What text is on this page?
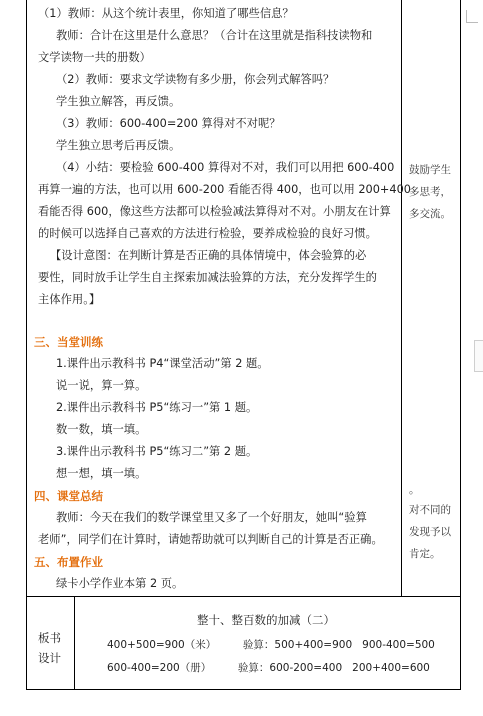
（1）教师：从这个统计表里，你知道了哪些信息？
教师：合计在这里是什么意思？（合计在这里就是指科技读物和
文学读物一共的册数）
（2）教师：要求文学读物有多少册，你会列式解答吗？
学生独立解答，再反馈。
（3）教师：600-400=200 算得对不对呢？
学生独立思考后再反馈。
（4）小结：要检验 600-400 算得对不对，我们可以用把 600-400
再算一遍的方法，也可以用 600-200 看能否得 400，也可以用 200+400
看能否得 600，像这些方法都可以检验减法算得对不对。小朋友在计算
的时候可以选择自己喜欢的方法进行检验，要养成检验的良好习惯。
【设计意图：在判断计算是否正确的具体情境中，体会验算的必
要性，同时放手让学生自主探索加减法验算的方法，充分发挥学生的
主体作用。】
三、当堂训练
1.课件出示教科书 P4“课堂活动”第 2 题。
说一说，算一算。
2.课件出示教科书 P5“练习一”第 1 题。
数一数，填一填。
3.课件出示教科书 P5“练习二”第 2 题。
想一想，填一填。
四、课堂总结
教师：今天在我们的数学课堂里又多了一个好朋友，她叫“验算
老师”，同学们在计算时，请她帮助就可以判断自己的计算是否正确。
五、布置作业
绿卡小学作业本第 2 页。
鼓励学生
多思考，
多交流。
。
对不同的
发现予以
肯定。
板书
设计
整十、整百数的加减（二）
400+500=900（米）        验算：500+400=900   900-400=500
600-400=200（册）        验算：600-200=400   200+400=600
